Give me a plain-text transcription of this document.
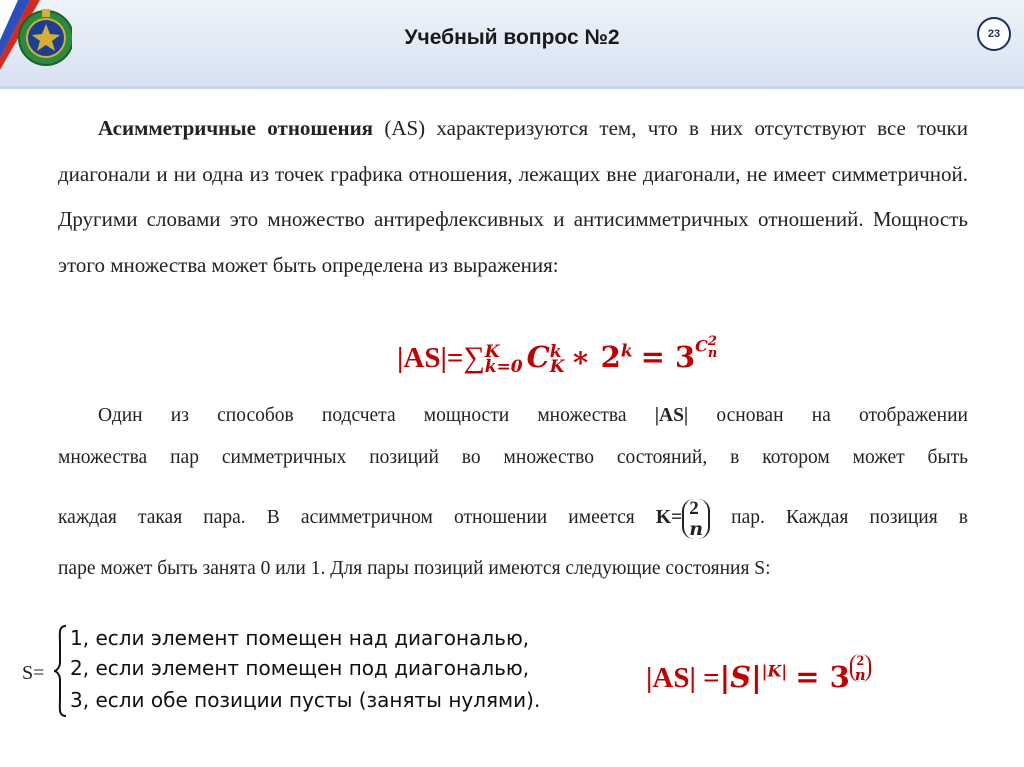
Учебный вопрос №2	23

Асимметричные отношения (AS) характеризуются тем, что в них отсутствуют все точки диагонали и ни одна из точек графика отношения, лежащих вне диагонали, не имеет симметричной. Другими словами это множество антирефлексивных и антисимметричных отношений. Мощность этого множества может быть определена из выражения:

|AS|=∑ K
k=0 C k
K ∗ $2^k = 3C$ 2
n
Один из способов подсчета мощности множества |AS| основан на отображении
множества пар симметричных позиций во множество состояний, в котором может быть
каждая такая пара. В асимметричном отношении имеется K= 2
n
пар. Каждая позиция в
паре может быть занята 0 или 1. Для пары позиций имеются следующие состояния S:
S=
1, если элемент помещен над диагональю,
2, если элемент помещен под диагональю,
3, если обе позиции пусты (заняты нулями).
$|AS| =|S|^{|K|} = 3$ 2
n
